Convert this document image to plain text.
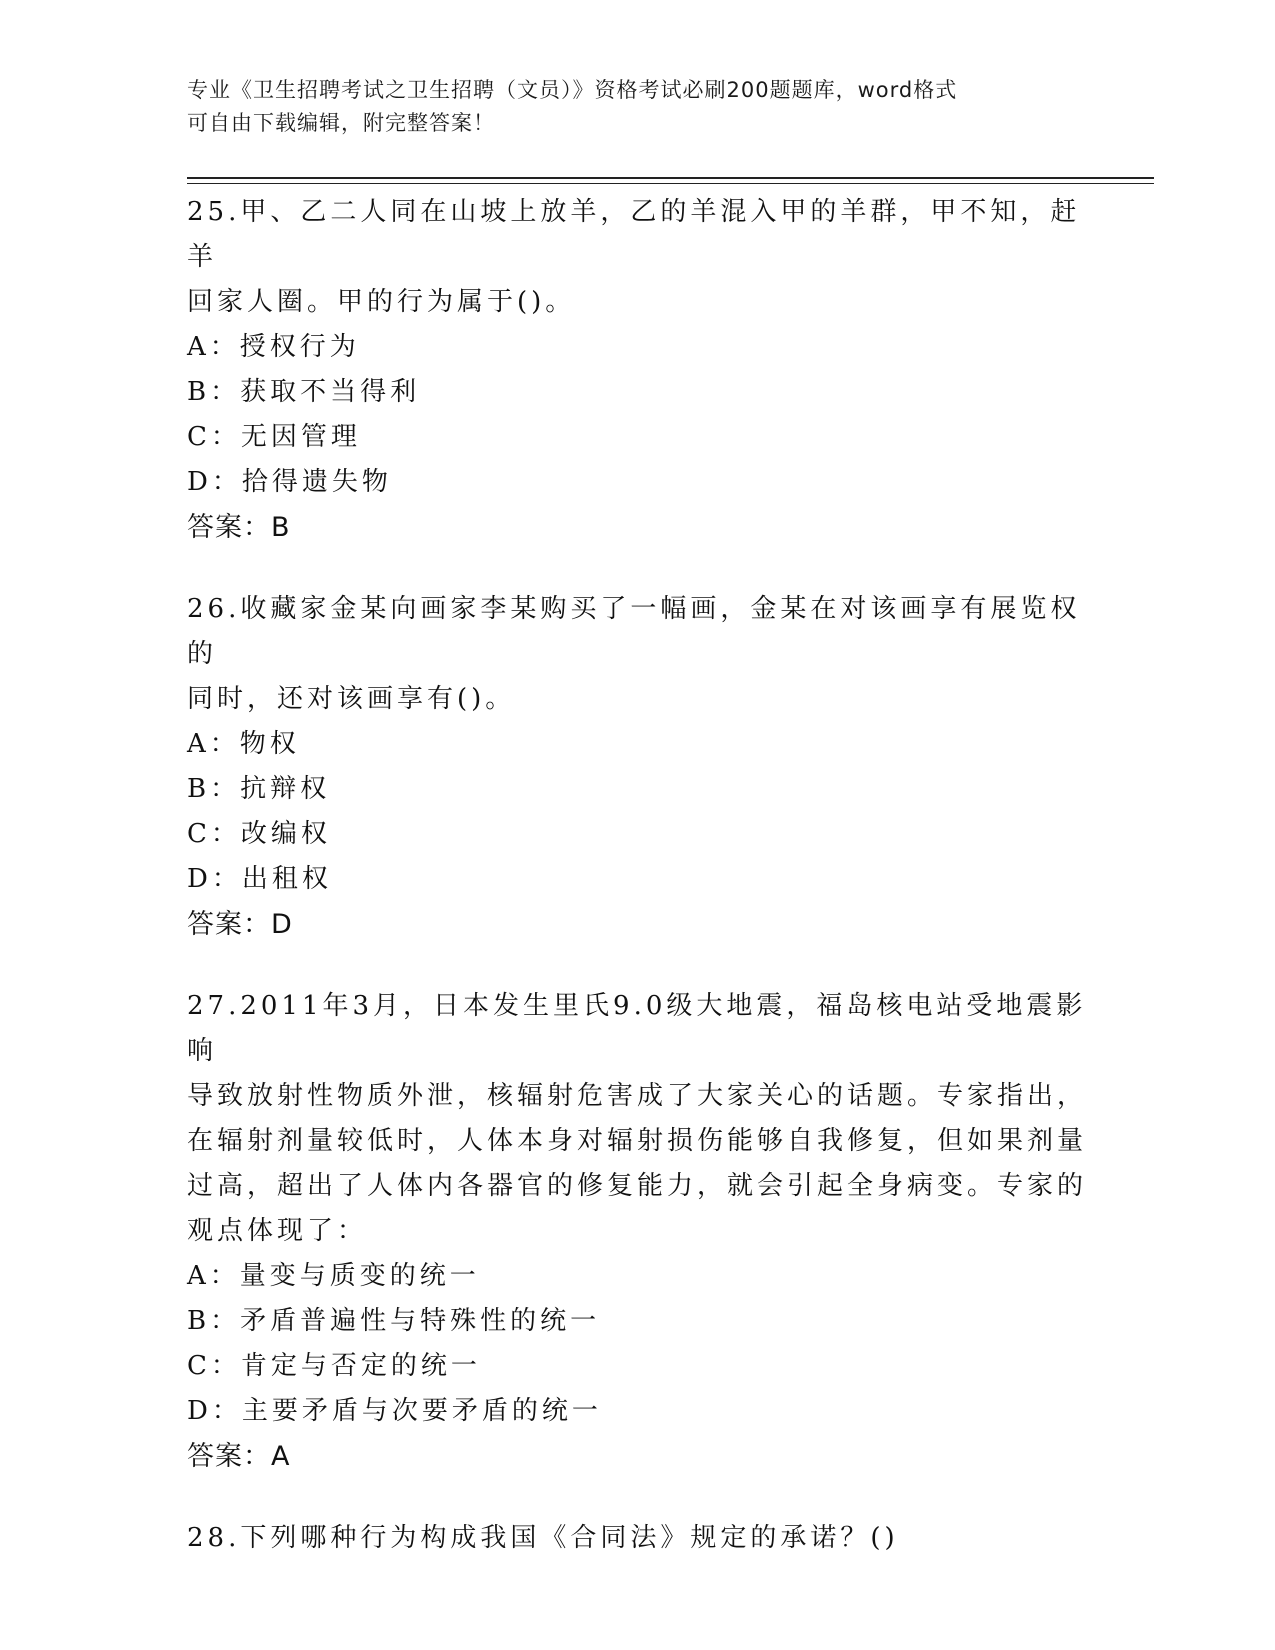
专业《卫生招聘考试之卫生招聘（文员）》资格考试必刷200题题库，word格式
可自由下载编辑，附完整答案！

25.甲、乙二人同在山坡上放羊，乙的羊混入甲的羊群，甲不知，赶羊

回家人圈。甲的行为属于()。

A：授权行为

B：获取不当得利

C：无因管理

D：拾得遗失物

答案：B

26.收藏家金某向画家李某购买了一幅画，金某在对该画享有展览权的

同时，还对该画享有()。

A：物权

B：抗辩权

C：改编权

D：出租权

答案：D

27.2011年3月，日本发生里氏9.0级大地震，福岛核电站受地震影响

导致放射性物质外泄，核辐射危害成了大家关心的话题。专家指出，

在辐射剂量较低时，人体本身对辐射损伤能够自我修复，但如果剂量

过高，超出了人体内各器官的修复能力，就会引起全身病变。专家的

观点体现了：

A：量变与质变的统一

B：矛盾普遍性与特殊性的统一

C：肯定与否定的统一

D：主要矛盾与次要矛盾的统一

答案：A

28.下列哪种行为构成我国《合同法》规定的承诺？()
